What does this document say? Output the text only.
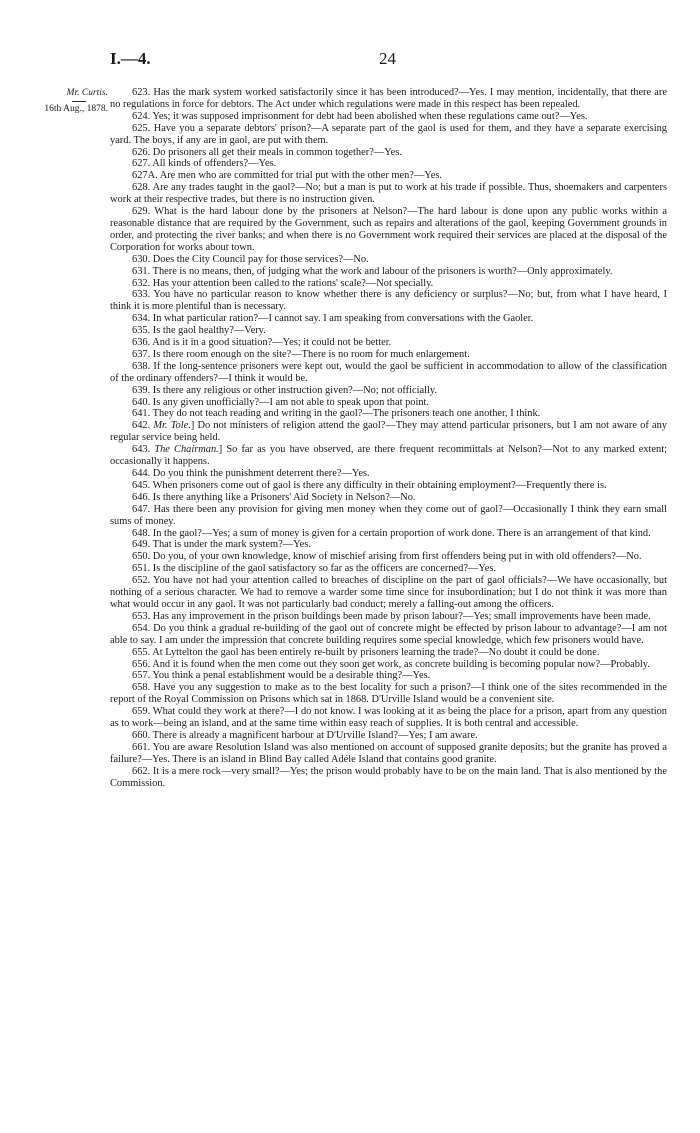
I.—4.	24
Mr. Curtis.
16th Aug., 1878.

623. Has the mark system worked satisfactorily since it has been introduced?—Yes. I may mention, incidentally, that there are no regulations in force for debtors. The Act under which regulations were made in this respect has been repealed.

624. Yes; it was supposed imprisonment for debt had been abolished when these regulations came out?—Yes.

625. Have you a separate debtors' prison?—A separate part of the gaol is used for them, and they have a separate exercising yard. The boys, if any are in gaol, are put with them.

626. Do prisoners all get their meals in common together?—Yes.

627. All kinds of offenders?—Yes.

627A. Are men who are committed for trial put with the other men?—Yes.

628. Are any trades taught in the gaol?—No; but a man is put to work at his trade if possible. Thus, shoemakers and carpenters work at their respective trades, but there is no instruction given.

629. What is the hard labour done by the prisoners at Nelson?—The hard labour is done upon any public works within a reasonable distance that are required by the Government, such as repairs and alterations of the gaol, keeping Government grounds in order, and protecting the river banks; and when there is no Government work required their services are placed at the disposal of the Corporation for works about town.

630. Does the City Council pay for those services?—No.

631. There is no means, then, of judging what the work and labour of the prisoners is worth?—Only approximately.

632. Has your attention been called to the rations' scale?—Not specially.

633. You have no particular reason to know whether there is any deficiency or surplus?—No; but, from what I have heard, I think it is more plentiful than is necessary.

634. In what particular ration?—I cannot say. I am speaking from conversations with the Gaoler.

635. Is the gaol healthy?—Very.

636. And is it in a good situation?—Yes; it could not be better.

637. Is there room enough on the site?—There is no room for much enlargement.

638. If the long-sentence prisoners were kept out, would the gaol be sufficient in accommodation to allow of the classification of the ordinary offenders?—I think it would be.

639. Is there any religious or other instruction given?—No; not officially.

640. Is any given unofficially?—I am not able to speak upon that point.

641. They do not teach reading and writing in the gaol?—The prisoners teach one another, I think.

642. Mr. Tole.] Do not ministers of religion attend the gaol?—They may attend particular prisoners, but I am not aware of any regular service being held.

643. The Chairman.] So far as you have observed, are there frequent recommittals at Nelson?—Not to any marked extent; occasionally it happens.

644. Do you think the punishment deterrent there?—Yes.

645. When prisoners come out of gaol is there any difficulty in their obtaining employment?—Frequently there is.

646. Is there anything like a Prisoners' Aid Society in Nelson?—No.

647. Has there been any provision for giving men money when they come out of gaol?—Occasionally I think they earn small sums of money.

648. In the gaol?—Yes; a sum of money is given for a certain proportion of work done. There is an arrangement of that kind.

649. That is under the mark system?—Yes.

650. Do you, of your own knowledge, know of mischief arising from first offenders being put in with old offenders?—No.

651. Is the discipline of the gaol satisfactory so far as the officers are concerned?—Yes.

652. You have not had your attention called to breaches of discipline on the part of gaol officials?—We have occasionally, but nothing of a serious character. We had to remove a warder some time since for insubordination; but I do not think it was more than what would occur in any gaol. It was not particularly bad conduct; merely a falling-out among the officers.

653. Has any improvement in the prison buildings been made by prison labour?—Yes; small improvements have been made.

654. Do you think a gradual re-building of the gaol out of concrete might be effected by prison labour to advantage?—I am not able to say. I am under the impression that concrete building requires some special knowledge, which few prisoners would have.

655. At Lyttelton the gaol has been entirely re-built by prisoners learning the trade?—No doubt it could be done.

656. And it is found when the men come out they soon get work, as concrete building is becoming popular now?—Probably.

657. You think a penal establishment would be a desirable thing?—Yes.

658. Have you any suggestion to make as to the best locality for such a prison?—I think one of the sites recommended in the report of the Royal Commission on Prisons which sat in 1868. D'Urville Island would be a convenient site.

659. What could they work at there?—I do not know. I was looking at it as being the place for a prison, apart from any question as to work—being an island, and at the same time within easy reach of supplies. It is both central and accessible.

660. There is already a magnificent harbour at D'Urville Island?—Yes; I am aware.

661. You are aware Resolution Island was also mentioned on account of supposed granite deposits; but the granite has proved a failure?—Yes. There is an island in Blind Bay called Adéle Island that contains good granite.

662. It is a mere rock—very small?—Yes; the prison would probably have to be on the main land. That is also mentioned by the Commission.
